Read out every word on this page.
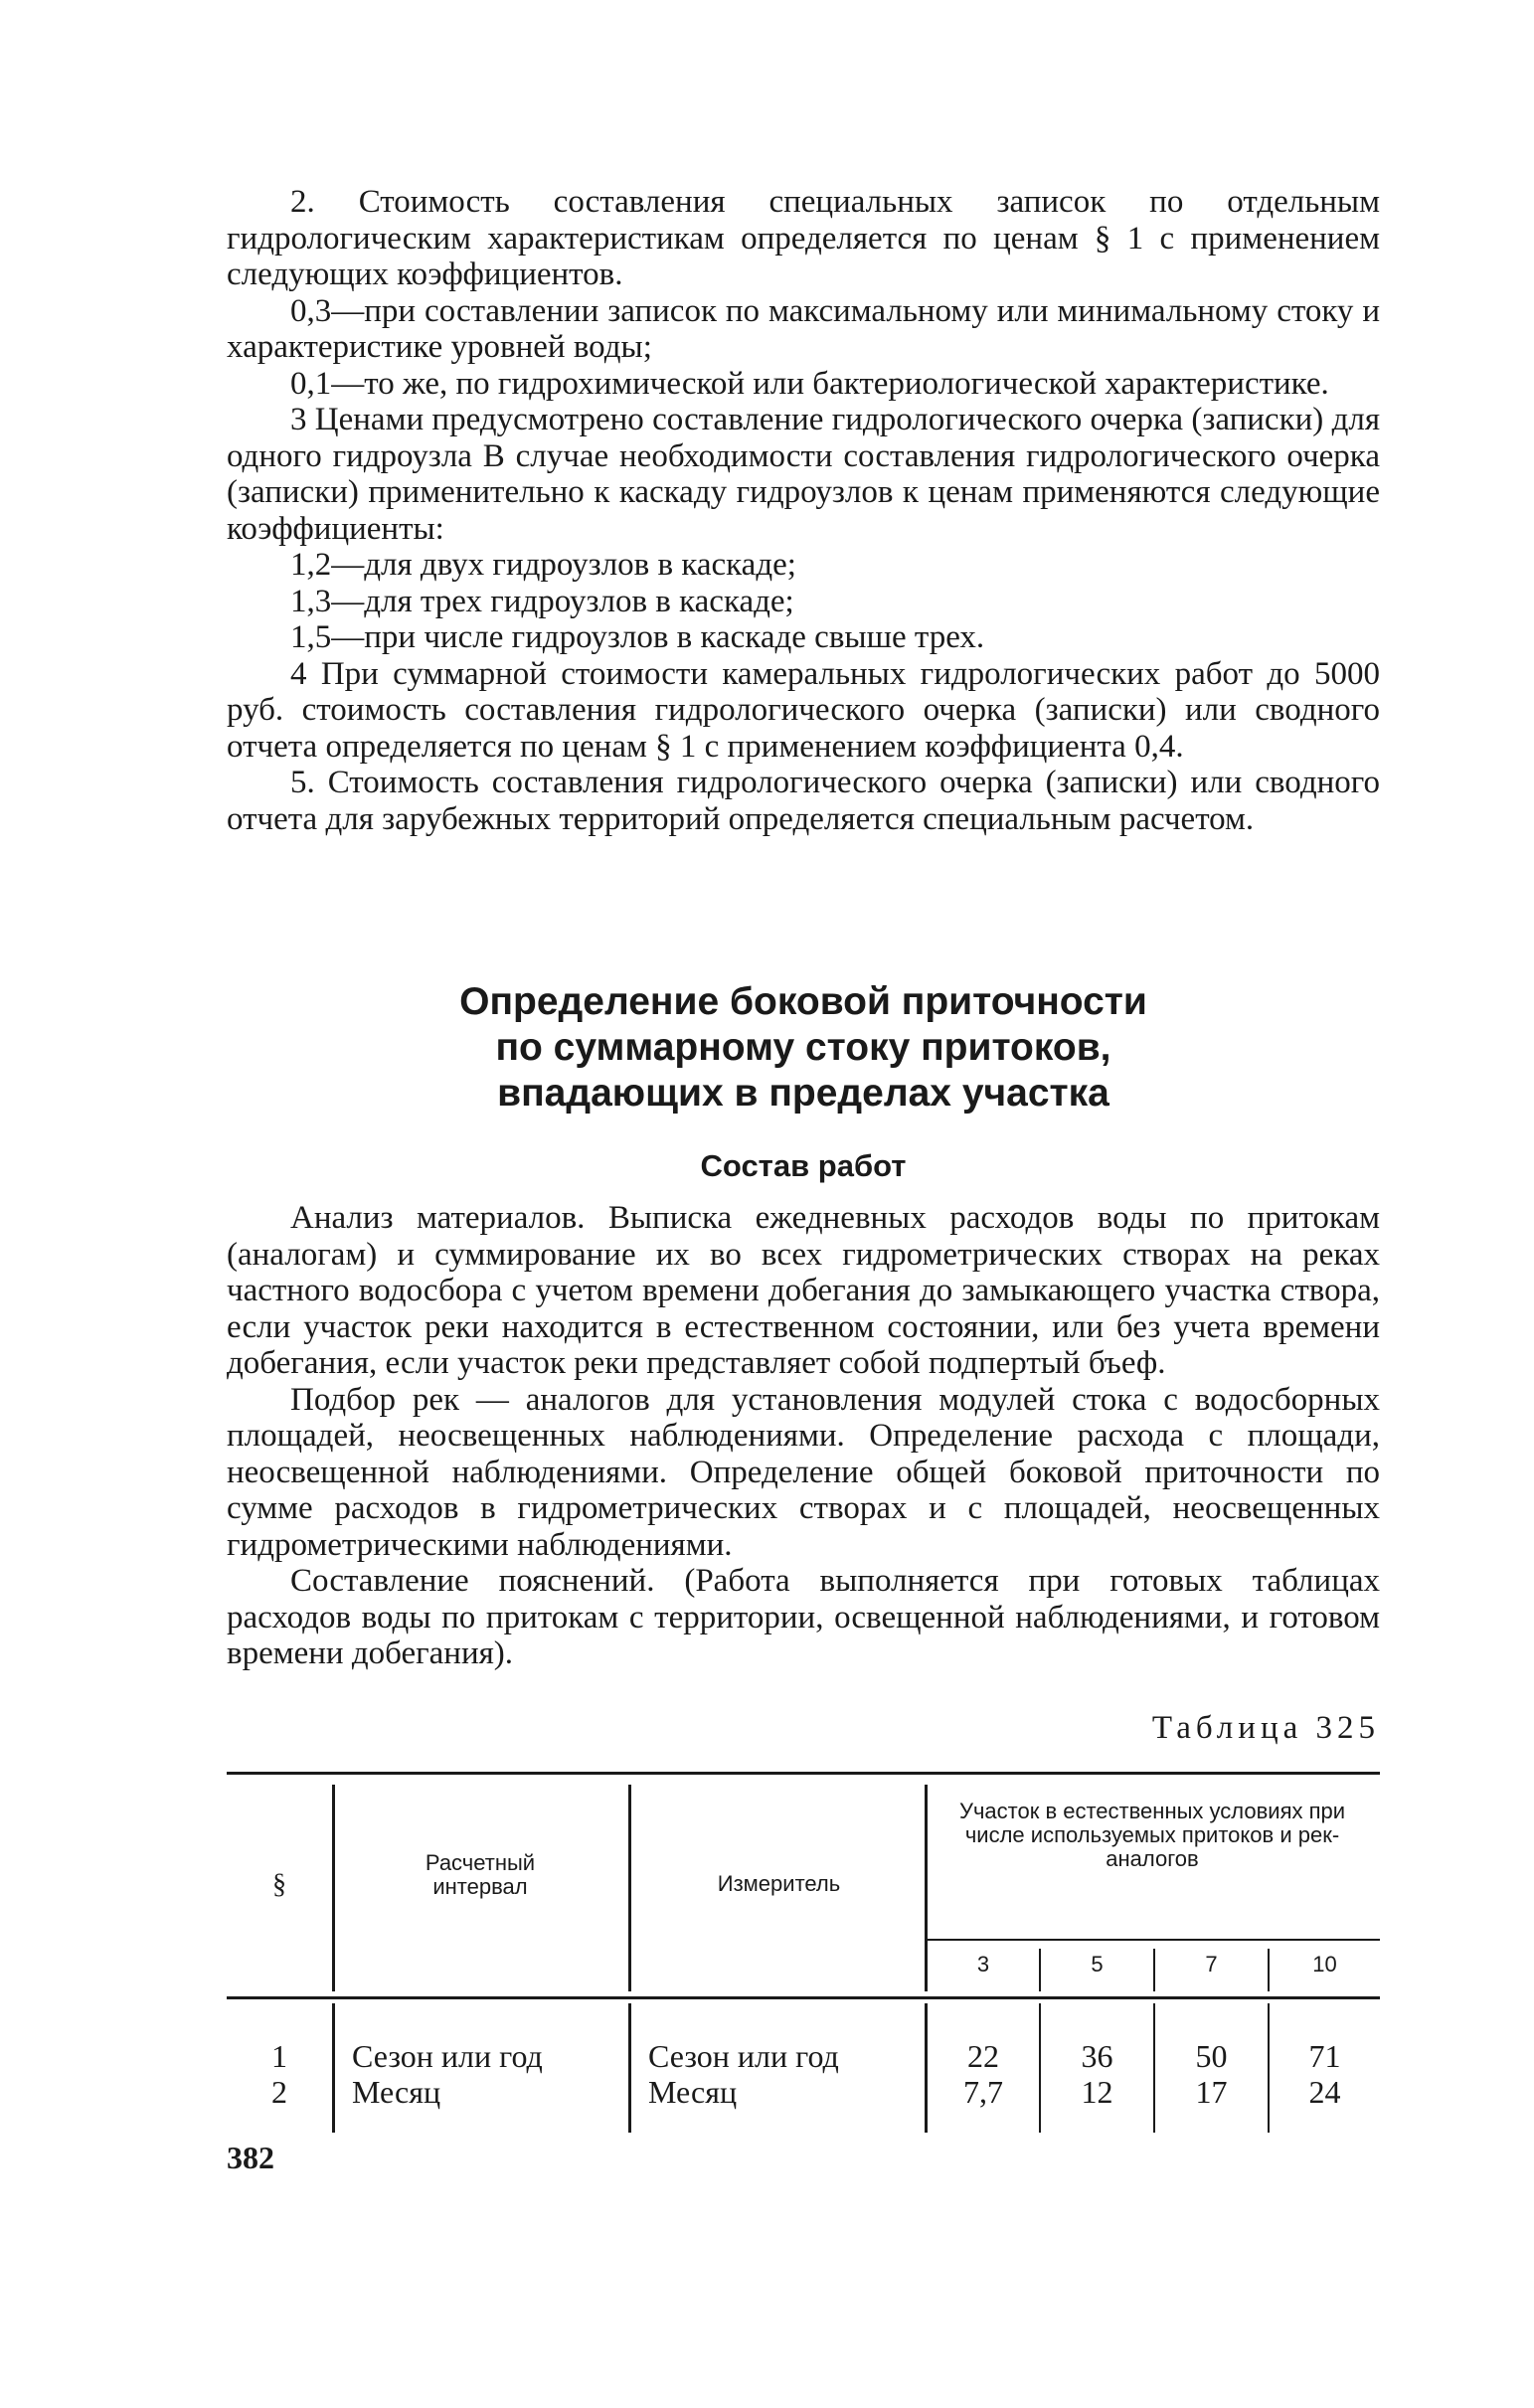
2. Стоимость составления специальных записок по отдельным гидрологическим характеристикам определяется по ценам § 1 с применением следующих коэффициентов.

0,3—при составлении записок по максимальному или минимальному стоку и характеристике уровней воды;

0,1—то же, по гидрохимической или бактериологической характеристике.

3 Ценами предусмотрено составление гидрологического очерка (записки) для одного гидроузла В случае необходимости составления гидрологического очерка (записки) применительно к каскаду гидроузлов к ценам применяются следующие коэффициенты:

1,2—для двух гидроузлов в каскаде;

1,3—для трех гидроузлов в каскаде;

1,5—при числе гидроузлов в каскаде свыше трех.

4 При суммарной стоимости камеральных гидрологических работ до 5000 руб. стоимость составления гидрологического очерка (записки) или сводного отчета определяется по ценам § 1 с применением коэффициента 0,4.

5. Стоимость составления гидрологического очерка (записки) или сводного отчета для зарубежных территорий определяется специальным расчетом.

Определение боковой приточности

по суммарному стоку притоков,

впадающих в пределах участка

Состав работ

Анализ материалов. Выписка ежедневных расходов воды по притокам (аналогам) и суммирование их во всех гидрометрических створах на реках частного водосбора с учетом времени добегания до замыкающего участка створа, если участок реки находится в естественном состоянии, или без учета времени добегания, если участок реки представляет собой подпертый бъеф.

Подбор рек — аналогов для установления модулей стока с водосборных площадей, неосвещенных наблюдениями. Определение расхода с площади, неосвещенной наблюдениями. Определение общей боковой приточности по сумме расходов в гидрометрических створах и с площадей, неосвещенных гидрометрическими наблюдениями.

Составление пояснений. (Работа выполняется при готовых таблицах расходов воды по притокам с территории, освещенной наблюдениями, и готовом времени добегания).

Таблица 325

§
Расчетный интервал	Измеритель
Участок в естественных условиях при числе используемых притоков и рек-аналогов
3	5	7	10
1	Сезон или год	Сезон или год	22	36	50	71
2	Месяц	Месяц	7,7	12	17	24

382
